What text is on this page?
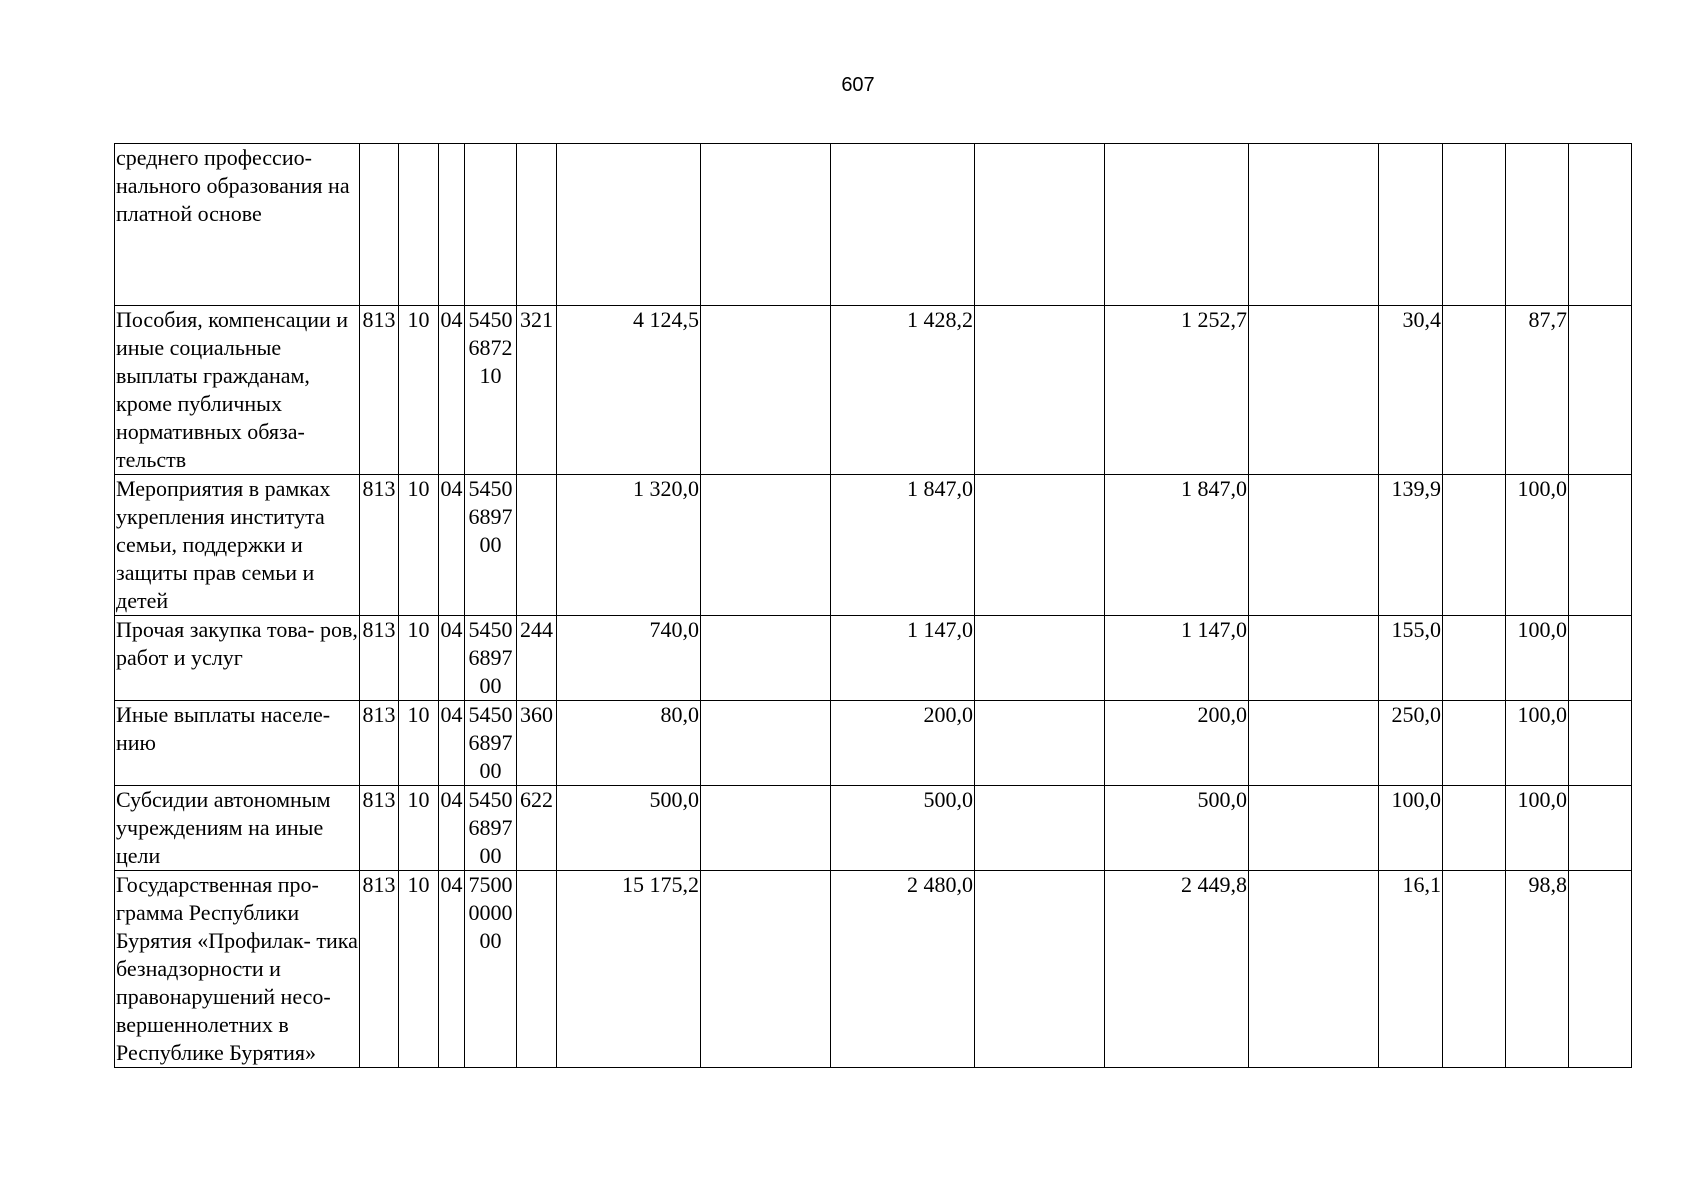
607
среднего профессио- нального образования на платной основе															
Пособия, компенсации и иные социальные выплаты гражданам, кроме публичных нормативных обяза- тельств	813	10	04	5450 6872 10	321	4 124,5		1 428,2		1 252,7		30,4		87,7	
Мероприятия в рамках укрепления института семьи, поддержки и защиты прав семьи и детей	813	10	04	5450 6897 00		1 320,0		1 847,0		1 847,0		139,9		100,0	
Прочая закупка това- ров, работ и услуг	813	10	04	5450 6897 00	244	740,0		1 147,0		1 147,0		155,0		100,0	
Иные выплаты населе- нию	813	10	04	5450 6897 00	360	80,0		200,0		200,0		250,0		100,0	
Субсидии автономным учреждениям на иные цели	813	10	04	5450 6897 00	622	500,0		500,0		500,0		100,0		100,0	
Государственная про- грамма Республики Бурятия «Профилак- тика безнадзорности и правонарушений несо- вершеннолетних в Республике Бурятия»	813	10	04	7500 0000 00		15 175,2		2 480,0		2 449,8		16,1		98,8	
